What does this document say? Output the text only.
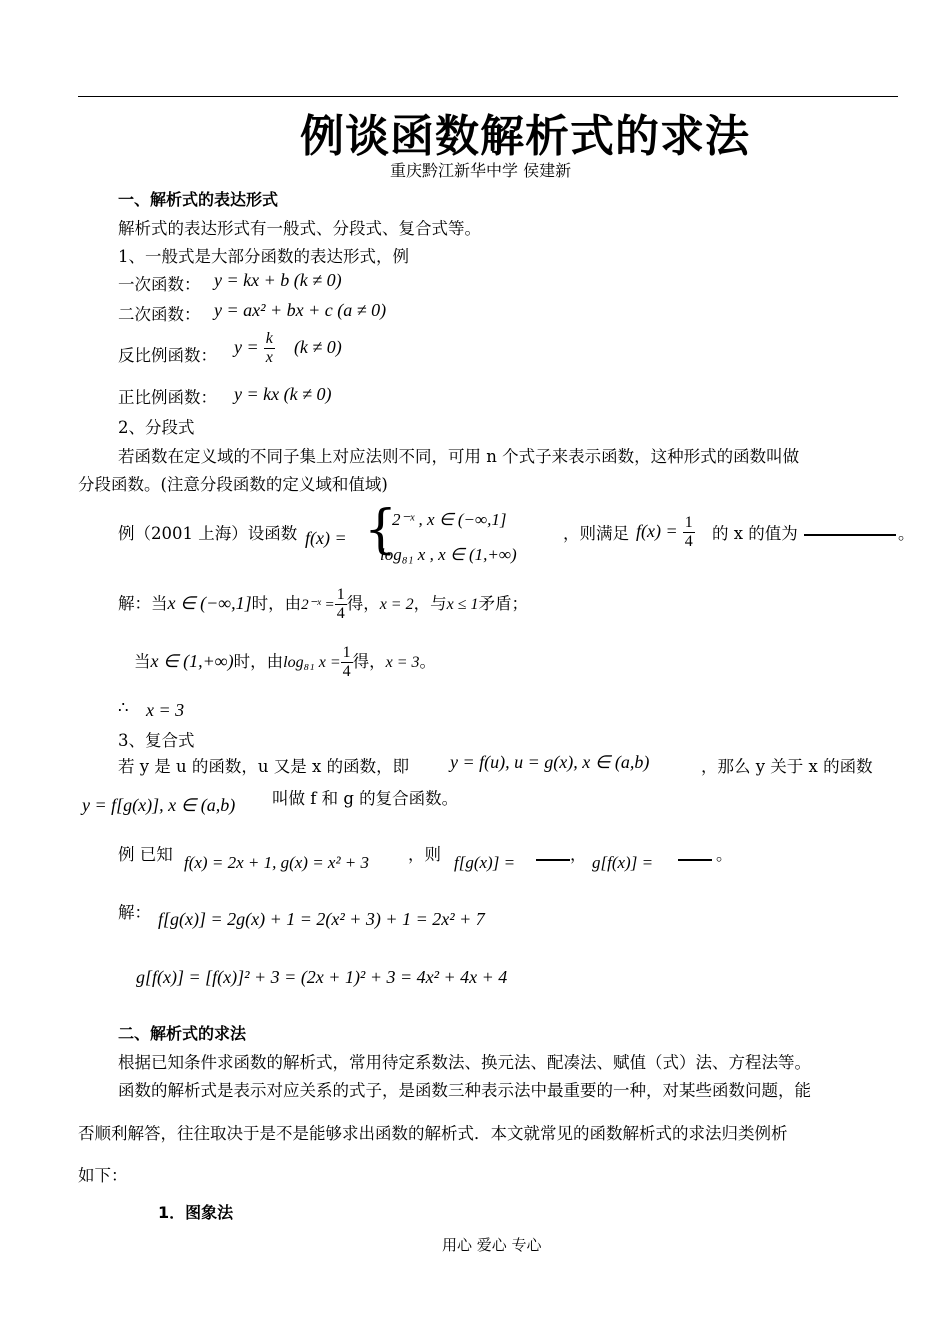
例谈函数解析式的求法
重庆黔江新华中学 侯建新
一、解析式的表达形式
解析式的表达形式有一般式、分段式、复合式等。
1、一般式是大部分函数的表达形式，例
一次函数： y = kx + b (k ≠ 0)
二次函数： y = ax² + bx + c (a ≠ 0)
反比例函数： $y = \frac{k}{x} (k \ne 0)$
正比例函数： y = kx (k ≠ 0)
2、分段式
若函数在定义域的不同子集上对应法则不同，可用 n 个式子来表示函数，这种形式的函数叫做
分段函数。(注意分段函数的定义域和值域)
例（2001 上海）设函数 f(x) = {
2⁻ˣ , x ∈ (−∞,1]
log₈₁ x , x ∈ (1,+∞)
，则满足 $f(x) = \frac{1}{4}$ 的 x 的值为	。
解：当x ∈ (−∞,1]时，由2⁻ˣ = $\frac{1}{4}$ 得，x = 2，与x ≤ 1矛盾；
当x ∈ (1,+∞)时，由log₈₁ $x = \frac{1}{4}$ 得，x = 3。
∴ x = 3
3、复合式
若 y 是 u 的函数，u 又是 x 的函数，即 y = f(u), u = g(x), x ∈ (a,b)	，那么 y 关于 x 的函数
y = f[g(x)], x ∈ (a,b) 叫做 f 和 g 的复合函数。
例 已知 f(x) = 2x + 1, g(x) = x² + 3 ，则 f[g(x)] =	， g[f(x)] =	。
解： f[g(x)] = 2g(x) + 1 = 2(x² + 3) + 1 = 2x² + 7
g[f(x)] = [f(x)]² + 3 = (2x + 1)² + 3 = 4x² + 4x + 4
二、解析式的求法
根据已知条件求函数的解析式，常用待定系数法、换元法、配凑法、赋值（式）法、方程法等。
函数的解析式是表示对应关系的式子，是函数三种表示法中最重要的一种，对某些函数问题，能
否顺利解答，往往取决于是不是能够求出函数的解析式．本文就常见的函数解析式的求法归类例析
如下：
1．图象法
用心 爱心 专心
